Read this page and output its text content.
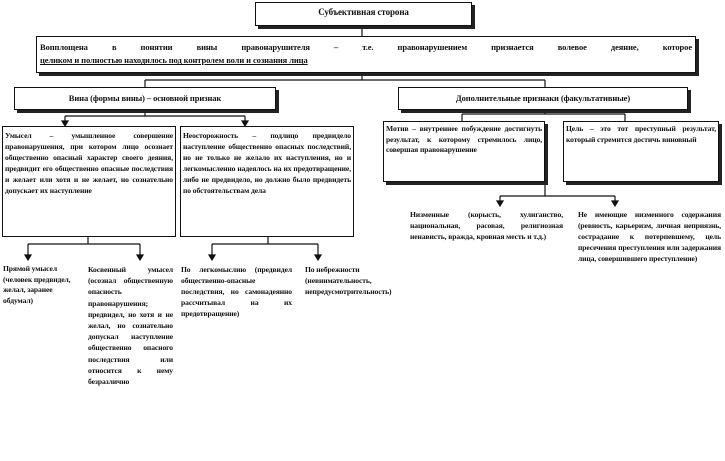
Субъективная сторона
Вопплощена в понятии вины правонарушителя – т.е. правонарушением признается волевое деяние, которое
целиком и полностью находилось под контролем воли и сознания лица
Вина (формы вины) – основной признак	Дополнительные признаки (факультативные)
Умысел – умышленное совершение правонарушения, при котором лицо осознает общественно опасный характер своего деяния, предвидит его общественно опасные последствия и желает или хотя и не желает, но сознательно допускает их наступление
Неосторожность – подлицо предвидело наступление общественно опасных последствий, но не только не желало их наступления, но и легкомысленно надеялось на их предотвращение, либо не предвидело, но должно было предвидеть по обстоятельствам дела
Мотив – внутреннее побуждение достигнуть результат, к которому стремилось лицо, совершая правонарушение
Цель – это тот преступный результат, который стремится достичь виновный
Прямой умысел (человек предвидел, желал, заранее обдумал)
Косвенный умысел (осознал общественную опасность правонарушения; предвидел, но хотя и не желал, но сознательно допускал наступление общественно опасного последствия или относится к нему безразлично
По легкомыслию (предвидел общественно-опасные последствия, но самонадеянно рассчитывал на их предотвращение)
По небрежности (невнимательность, непредусмотрительность)
Низменные (корысть, хулиганство, национальная, расовая, религиозная ненависть, вражда, кровная месть и т.д.)
Не имеющие низменного содержания (ревность, карьеризм, личная неприязнь, сострадание к потерпевшему, цель пресечения преступления или задержания лица, совершившего преступление)
